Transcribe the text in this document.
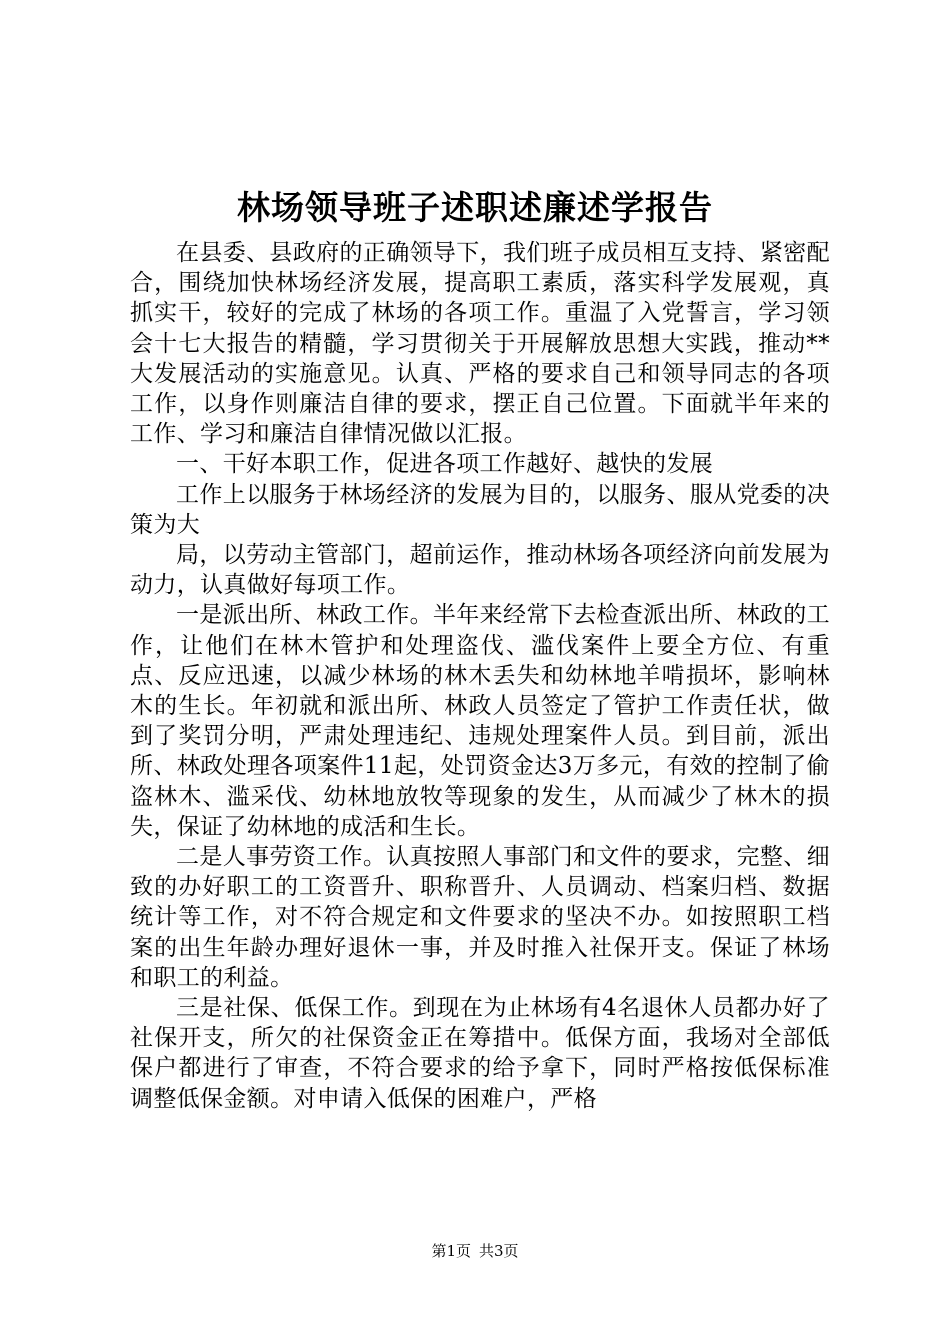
林场领导班子述职述廉述学报告

在县委、县政府的正确领导下，我们班子成员相互支持、紧密配合，围绕加快林场经济发展，提高职工素质，落实科学发展观，真抓实干，较好的完成了林场的各项工作。重温了入党誓言，学习领会十七大报告的精髓，学习贯彻关于开展解放思想大实践，推动**大发展活动的实施意见。认真、严格的要求自己和领导同志的各项工作，以身作则廉洁自律的要求，摆正自己位置。下面就半年来的工作、学习和廉洁自律情况做以汇报。

一、干好本职工作，促进各项工作越好、越快的发展

工作上以服务于林场经济的发展为目的，以服务、服从党委的决策为大

局，以劳动主管部门，超前运作，推动林场各项经济向前发展为动力，认真做好每项工作。

一是派出所、林政工作。半年来经常下去检查派出所、林政的工作，让他们在林木管护和处理盗伐、滥伐案件上要全方位、有重点、反应迅速，以减少林场的林木丢失和幼林地羊啃损坏，影响林木的生长。年初就和派出所、林政人员签定了管护工作责任状，做到了奖罚分明，严肃处理违纪、违规处理案件人员。到目前，派出所、林政处理各项案件11起，处罚资金达3万多元，有效的控制了偷盗林木、滥采伐、幼林地放牧等现象的发生，从而减少了林木的损失，保证了幼林地的成活和生长。

二是人事劳资工作。认真按照人事部门和文件的要求，完整、细致的办好职工的工资晋升、职称晋升、人员调动、档案归档、数据统计等工作，对不符合规定和文件要求的坚决不办。如按照职工档案的出生年龄办理好退休一事，并及时推入社保开支。保证了林场和职工的利益。

三是社保、低保工作。到现在为止林场有4名退休人员都办好了社保开支，所欠的社保资金正在筹措中。低保方面，我场对全部低保户都进行了审查，不符合要求的给予拿下，同时严格按低保标准调整低保金额。对申请入低保的困难户，严格

第1页 共3页
